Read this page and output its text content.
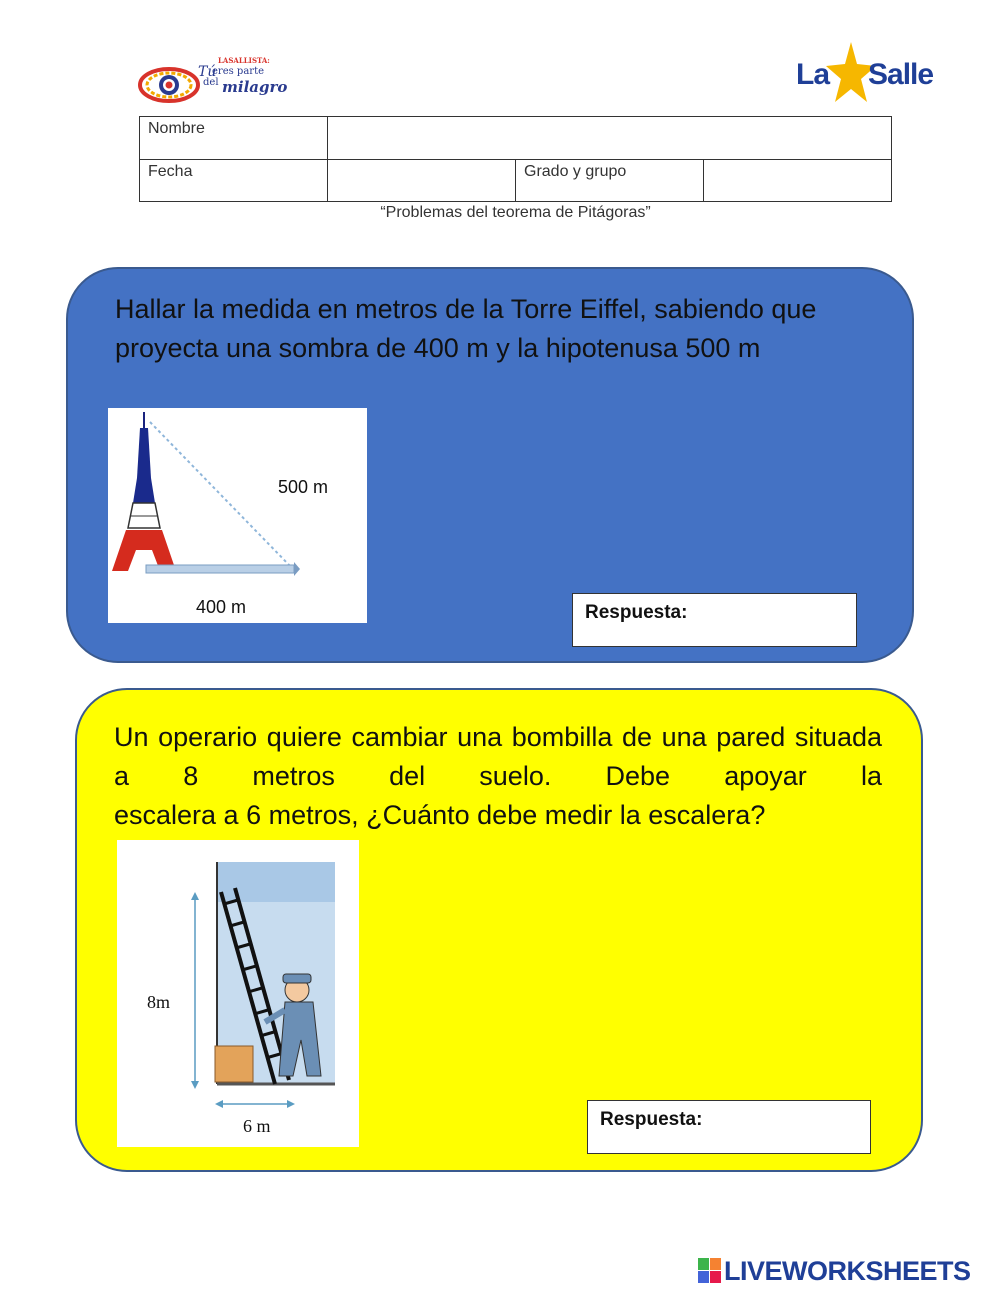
LASALLISTA:
Tú
eres parte
del milagro	La Salle
Nombre			
Fecha		Grado y grupo	
“Problemas del teorema de Pitágoras”
Hallar la medida en metros de la Torre Eiffel, sabiendo que proyecta una sombra de 400 m y la hipotenusa 500 m
500 m
400 m	Respuesta:
Un operario quiere cambiar una bombilla de una pared situada a 8 metros del suelo. Debe apoyar la
escalera a 6 metros, ¿Cuánto debe medir la escalera?
8m
6 m	Respuesta:
LIVEWORKSHEETS
